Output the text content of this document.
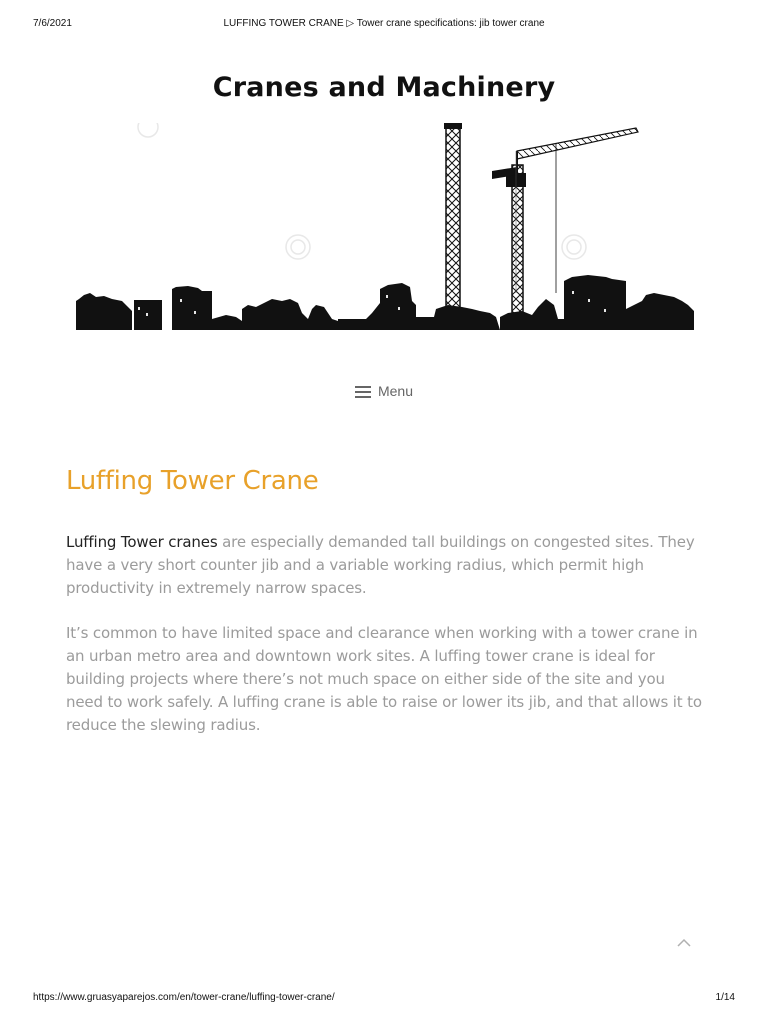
7/6/2021	LUFFING TOWER CRANE ▷ Tower crane specifications: jib tower crane
Cranes and Machinery
Menu
Luffing Tower Crane

Luffing Tower cranes are especially demanded tall buildings on congested sites. They have a very short counter jib and a variable working radius, which permit high productivity in extremely narrow spaces.

It’s common to have limited space and clearance when working with a tower crane in an urban metro area and downtown work sites. A luffing tower crane is ideal for building projects where there’s not much space on either side of the site and you need to work safely. A luffing crane is able to raise or lower its jib, and that allows it to reduce the slewing radius.

https://www.gruasyaparejos.com/en/tower-crane/luffing-tower-crane/	1/14
